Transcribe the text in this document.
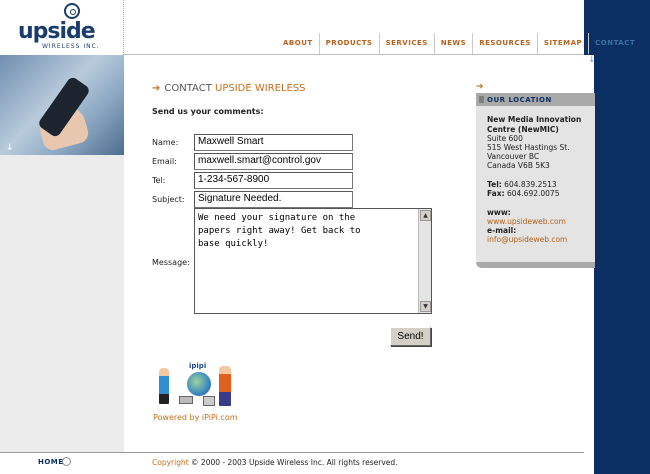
↓
upside
WIRELESS INC.
↓
ABOUT	PRODUCTS	SERVICES	NEWS	RESOURCES	SITEMAP	CONTACT
➔ CONTACT UPSIDE WIRELESS
Send us your comments:
Name:	Maxwell Smart
Email:	maxwell.smart@control.gov
Tel:	1-234-567-8900
Subject:	Signature Needed.
Message:
We need your signature on the
papers right away! Get back to
base quickly!
▲
▼
Send!
ipipi
Powered by iPiPi.com
➔
OUR LOCATION
New Media Innovation
Centre (NewMIC)
Suite 600
515 West Hastings St.
Vancouver BC
Canada V6B 5K3
Tel: 604.839.2513
Fax: 604.692.0075
www:
www.upsideweb.com
e-mail:
info@upsideweb.com
HOME	Copyright © 2000 - 2003 Upside Wireless Inc. All rights reserved.
